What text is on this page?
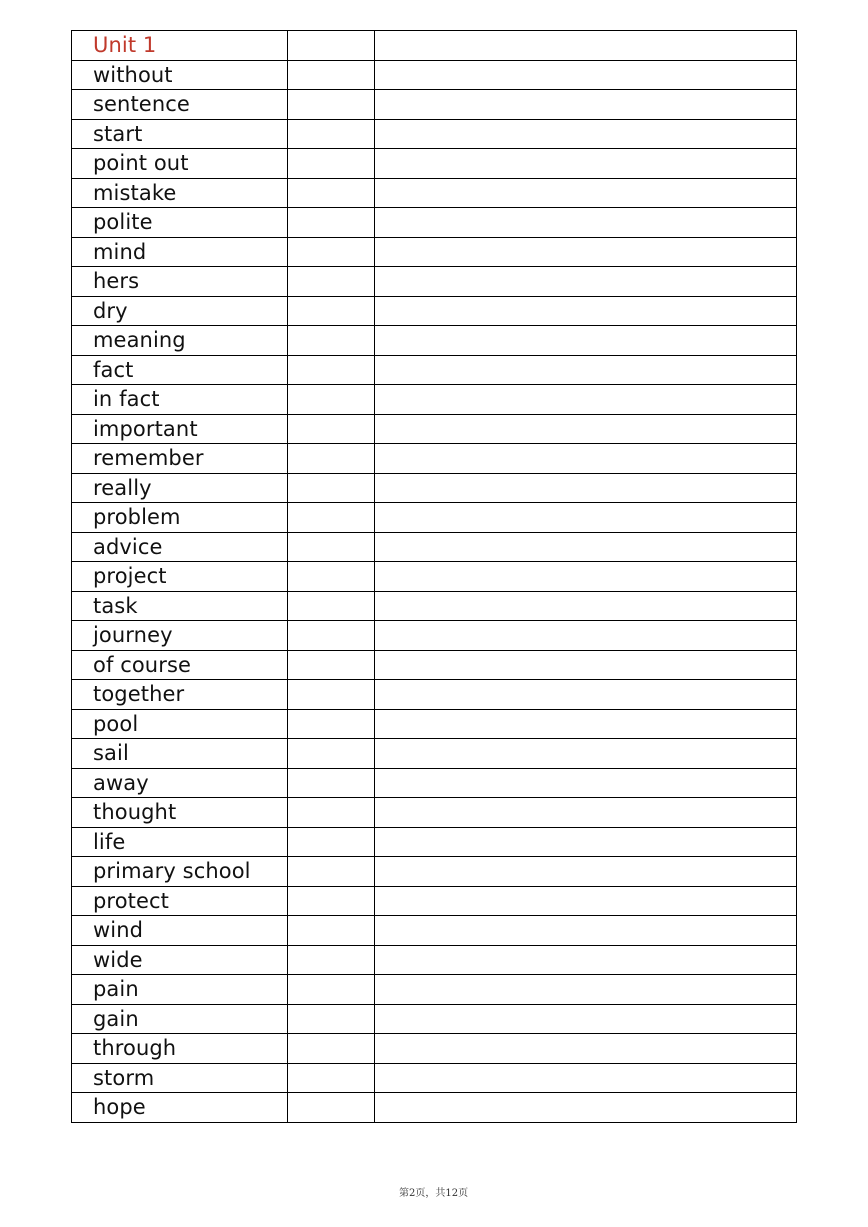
Unit 1		
without		
sentence		
start		
point out		
mistake		
polite		
mind		
hers		
dry		
meaning		
fact		
in fact		
important		
remember		
really		
problem		
advice		
project		
task		
journey		
of course		
together		
pool		
sail		
away		
thought		
life		
primary school		
protect		
wind		
wide		
pain		
gain		
through		
storm		
hope		
第2页，共12页
